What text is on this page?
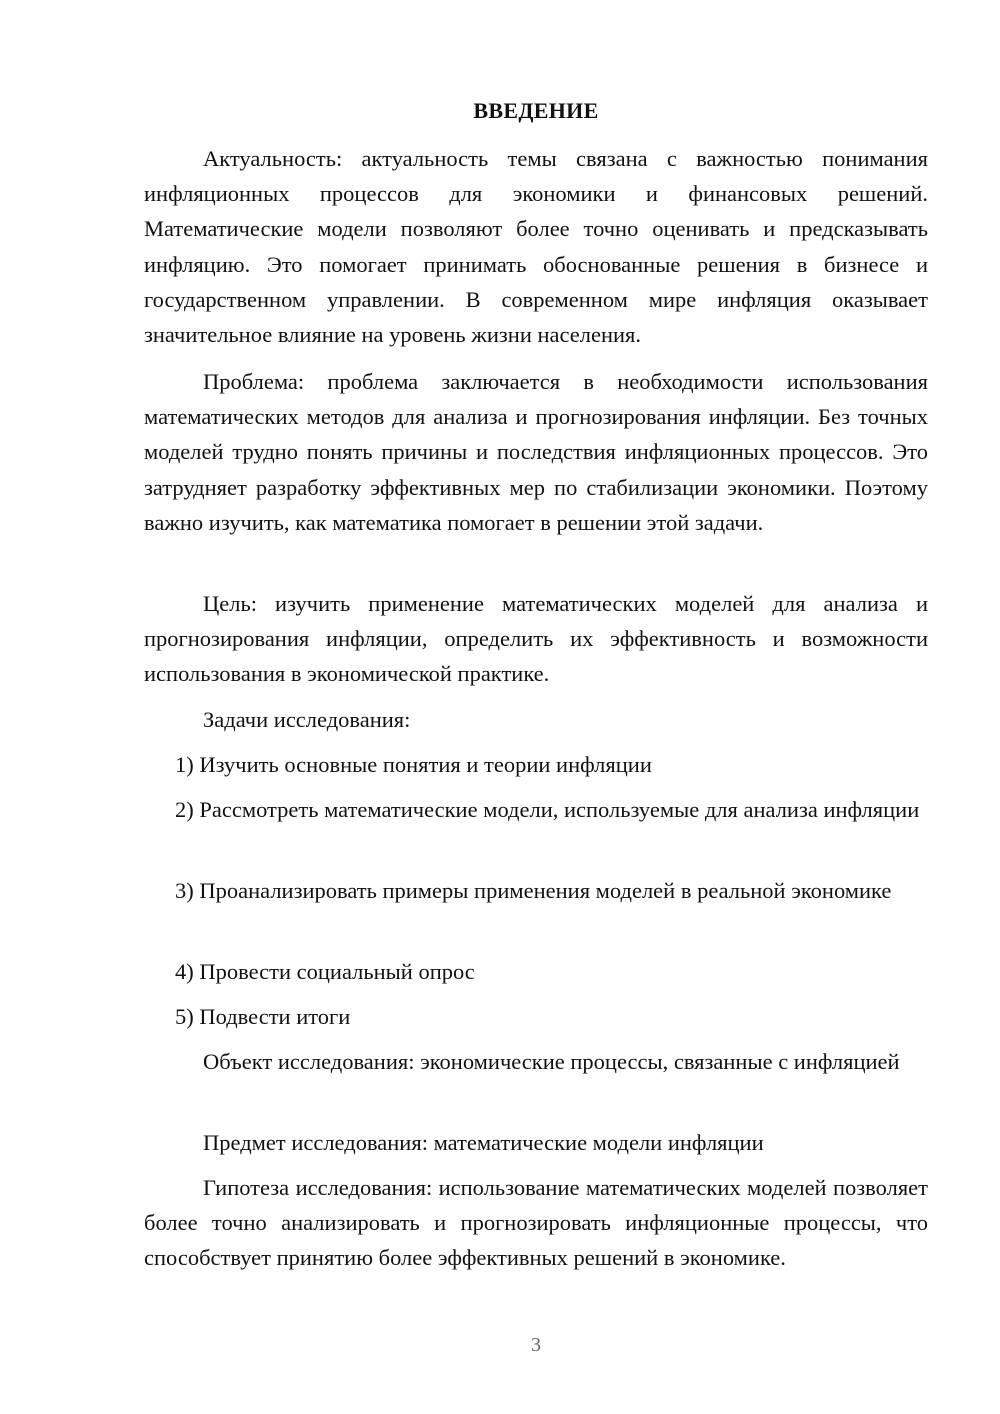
ВВЕДЕНИЕ

Актуальность: актуальность темы связана с важностью понимания инфляционных процессов для экономики и финансовых решений. Математические модели позволяют более точно оценивать и предсказывать инфляцию. Это помогает принимать обоснованные решения в бизнесе и государственном управлении. В современном мире инфляция оказывает значительное влияние на уровень жизни населения.

Проблема: проблема заключается в необходимости использования математических методов для анализа и прогнозирования инфляции. Без точных моделей трудно понять причины и последствия инфляционных процессов. Это затрудняет разработку эффективных мер по стабилизации экономики. Поэтому важно изучить, как математика помогает в решении этой задачи.

Цель: изучить применение математических моделей для анализа и прогнозирования инфляции, определить их эффективность и возможности использования в экономической практике.

Задачи исследования:

1) Изучить основные понятия и теории инфляции

2) Рассмотреть математические модели, используемые для анализа инфляции

3) Проанализировать примеры применения моделей в реальной экономике

4) Провести социальный опрос

5) Подвести итоги

Объект исследования: экономические процессы, связанные с инфляцией

Предмет исследования: математические модели инфляции

Гипотеза исследования: использование математических моделей позволяет более точно анализировать и прогнозировать инфляционные процессы, что способствует принятию более эффективных решений в экономике.

3
